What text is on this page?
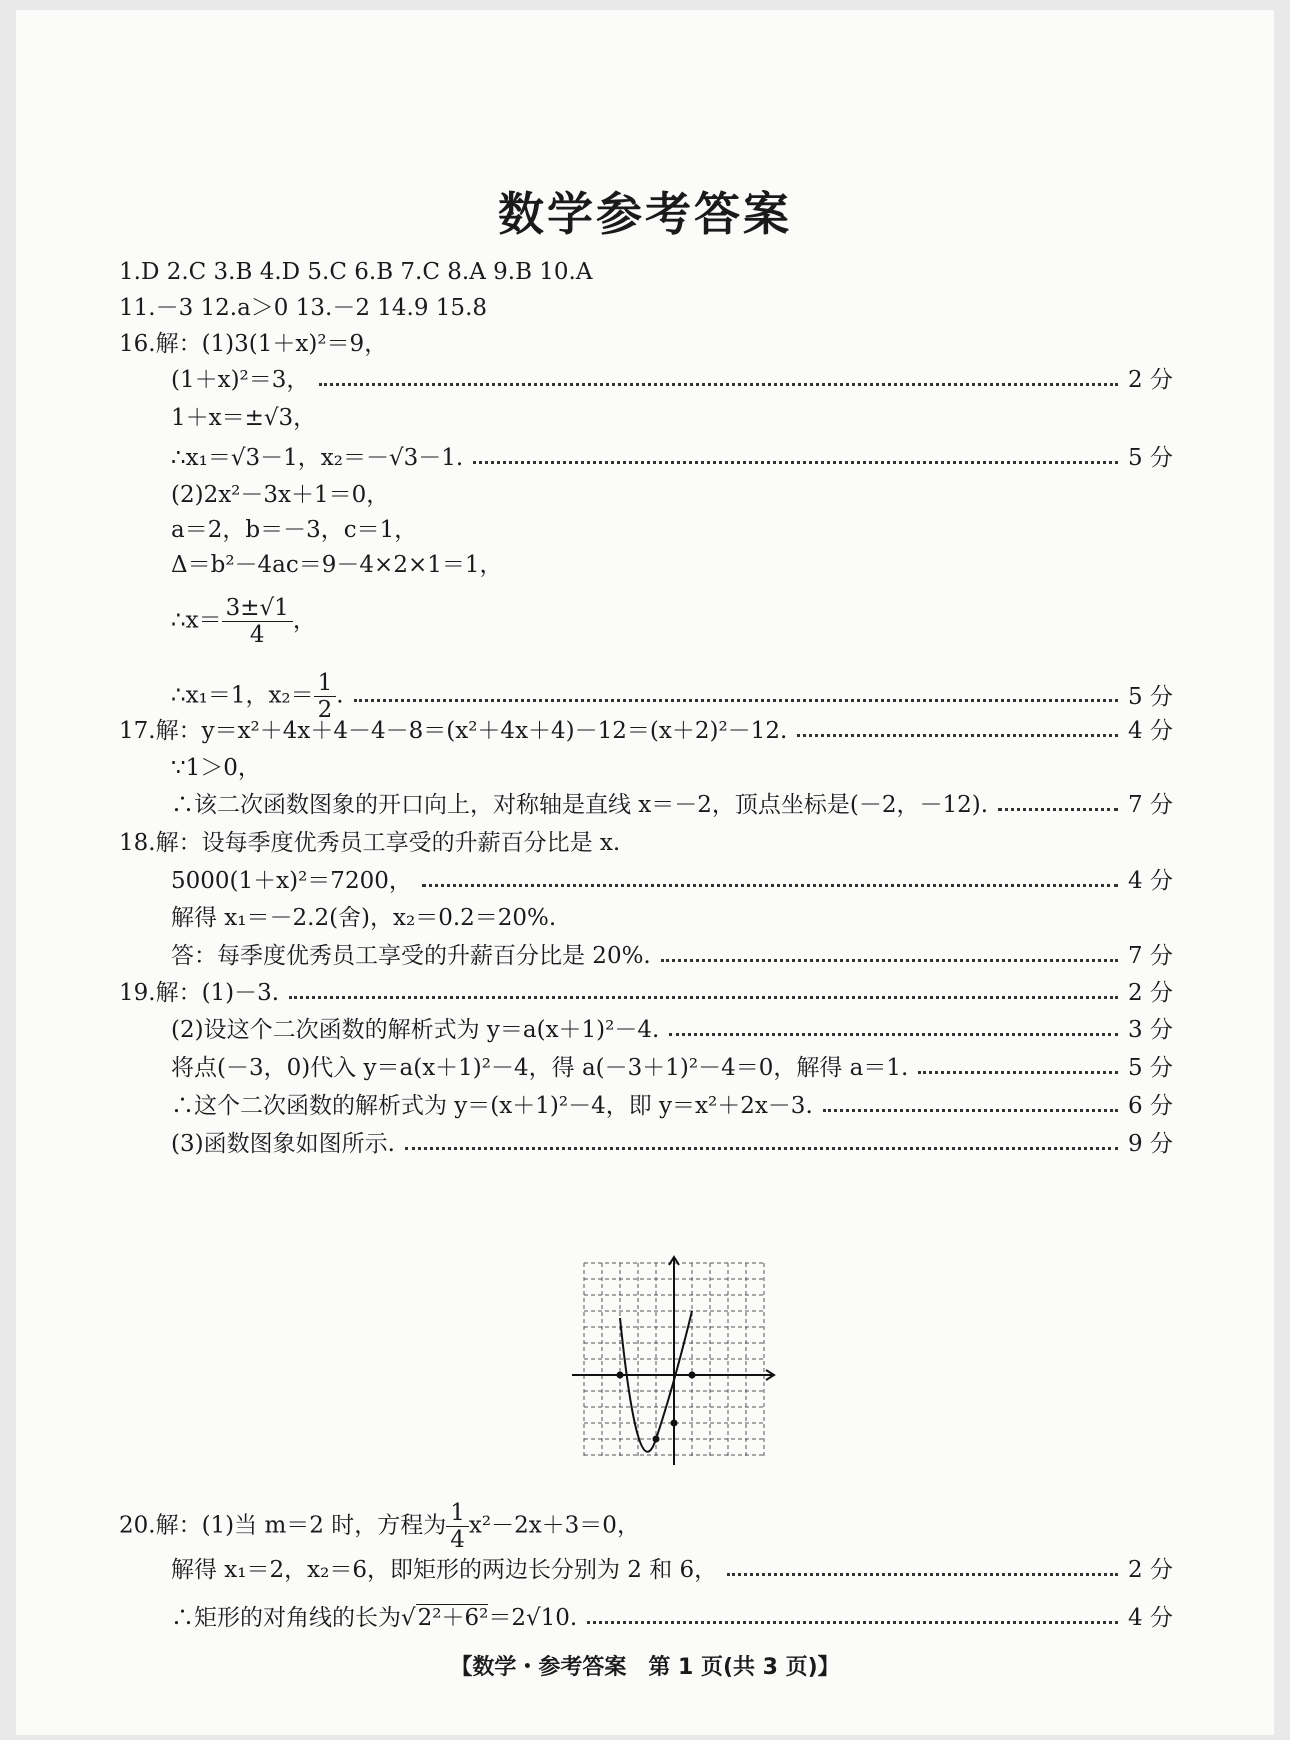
数学参考答案
1.D 2.C 3.B 4.D 5.C 6.B 7.C 8.A 9.B 10.A
11.－3 12.a＞0 13.－2 14.9 15.8
16.解：(1)3(1＋x)²＝9，
(1＋x)²＝3，	2 分
1＋x＝±√3，
∴x₁＝√3－1，x₂＝－√3－1.	5 分
(2)2x²－3x＋1＝0，
a＝2，b＝－3，c＝1，
Δ＝b²－4ac＝9－4×2×1＝1，
∴x＝ $\frac{3\pm√1}{4}$ ，
∴x₁＝1，$x_2= \frac{1}{2}$ .	5 分
17.解：y＝x²＋4x＋4－4－8＝(x²＋4x＋4)－12＝(x＋2)²－12.	4 分
∵1＞0，
∴该二次函数图象的开口向上，对称轴是直线 x＝－2，顶点坐标是(－2，－12).	7 分
18.解：设每季度优秀员工享受的升薪百分比是 x.
5000(1＋x)²＝7200，	4 分
解得 x₁＝－2.2(舍)，x₂＝0.2＝20%.
答：每季度优秀员工享受的升薪百分比是 20%.	7 分
19.解：(1)－3.	2 分
(2)设这个二次函数的解析式为 y＝a(x＋1)²－4.	3 分
将点(－3，0)代入 y＝a(x＋1)²－4，得 a(－3＋1)²－4＝0，解得 a＝1.	5 分
∴这个二次函数的解析式为 y＝(x＋1)²－4，即 y＝x²＋2x－3.	6 分
(3)函数图象如图所示.	9 分
20.解：(1)当 m＝2 时，方程为 $\frac{1}{4} x^2-2x+3=0$，
解得 x₁＝2，x₂＝6，即矩形的两边长分别为 2 和 6，	2 分
∴矩形的对角线的长为√2²＋6²＝2√10.	4 分
【数学・参考答案　第 1 页(共 3 页)】
